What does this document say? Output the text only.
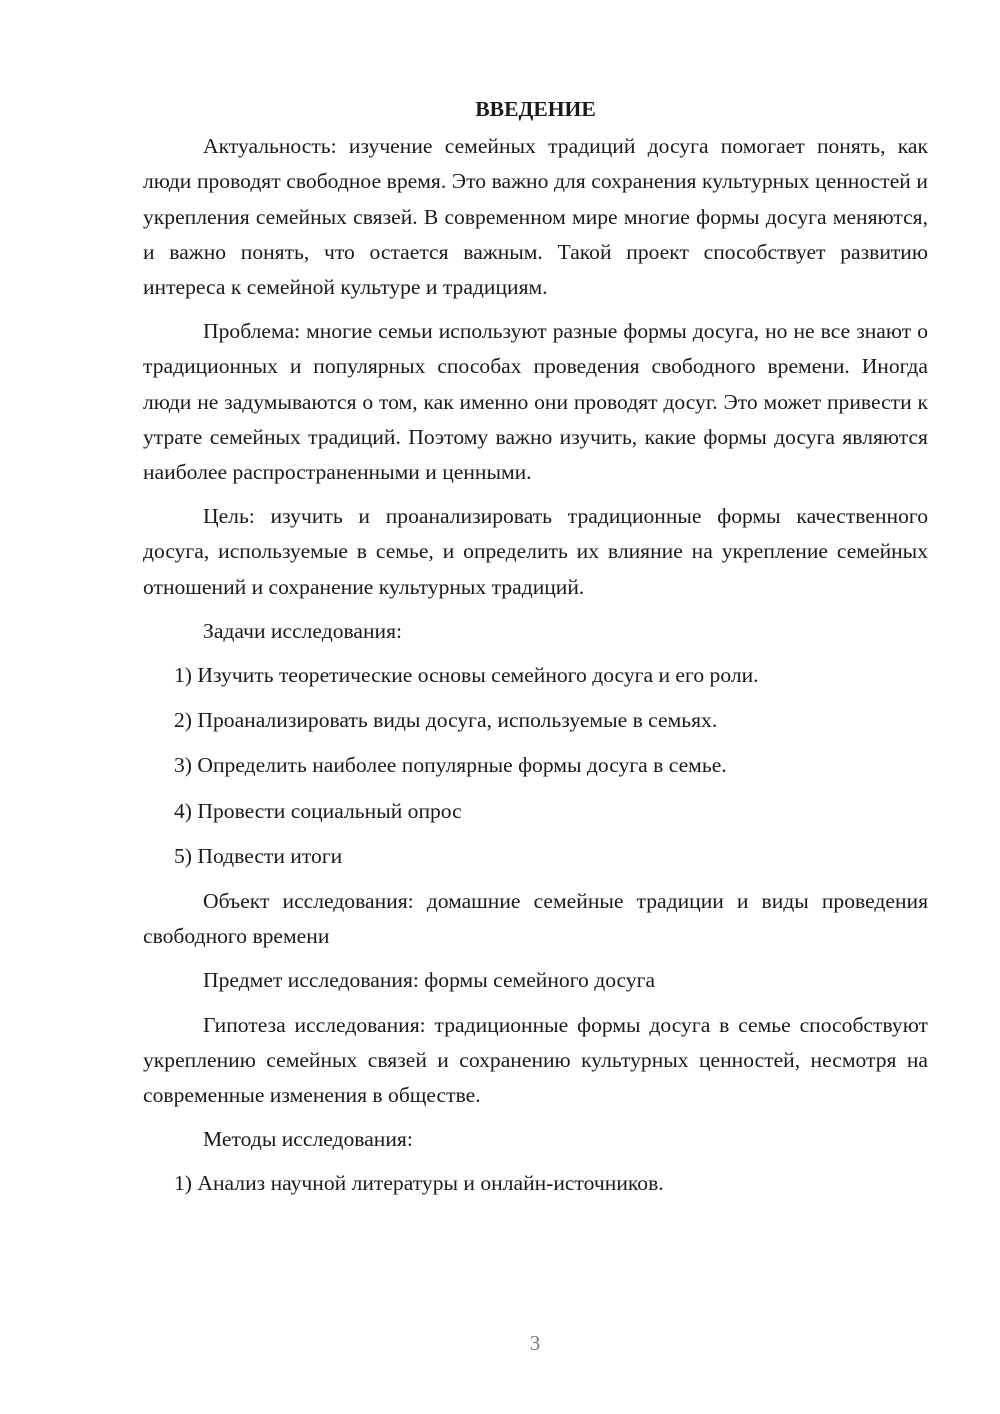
ВВЕДЕНИЕ

Актуальность: изучение семейных традиций досуга помогает понять, как люди проводят свободное время. Это важно для сохранения культурных ценностей и укрепления семейных связей. В современном мире многие формы досуга меняются, и важно понять, что остается важным. Такой проект способствует развитию интереса к семейной культуре и традициям.

Проблема: многие семьи используют разные формы досуга, но не все знают о традиционных и популярных способах проведения свободного времени. Иногда люди не задумываются о том, как именно они проводят досуг. Это может привести к утрате семейных традиций. Поэтому важно изучить, какие формы досуга являются наиболее распространенными и ценными.

Цель: изучить и проанализировать традиционные формы качественного досуга, используемые в семье, и определить их влияние на укрепление семейных отношений и сохранение культурных традиций.

Задачи исследования:

1) Изучить теоретические основы семейного досуга и его роли.
2) Проанализировать виды досуга, используемые в семьях.
3) Определить наиболее популярные формы досуга в семье.
4) Провести социальный опрос
5) Подвести итоги

Объект исследования: домашние семейные традиции и виды проведения свободного времени

Предмет исследования: формы семейного досуга

Гипотеза исследования: традиционные формы досуга в семье способствуют укреплению семейных связей и сохранению культурных ценностей, несмотря на современные изменения в обществе.

Методы исследования:

1) Анализ научной литературы и онлайн-источников.
3
